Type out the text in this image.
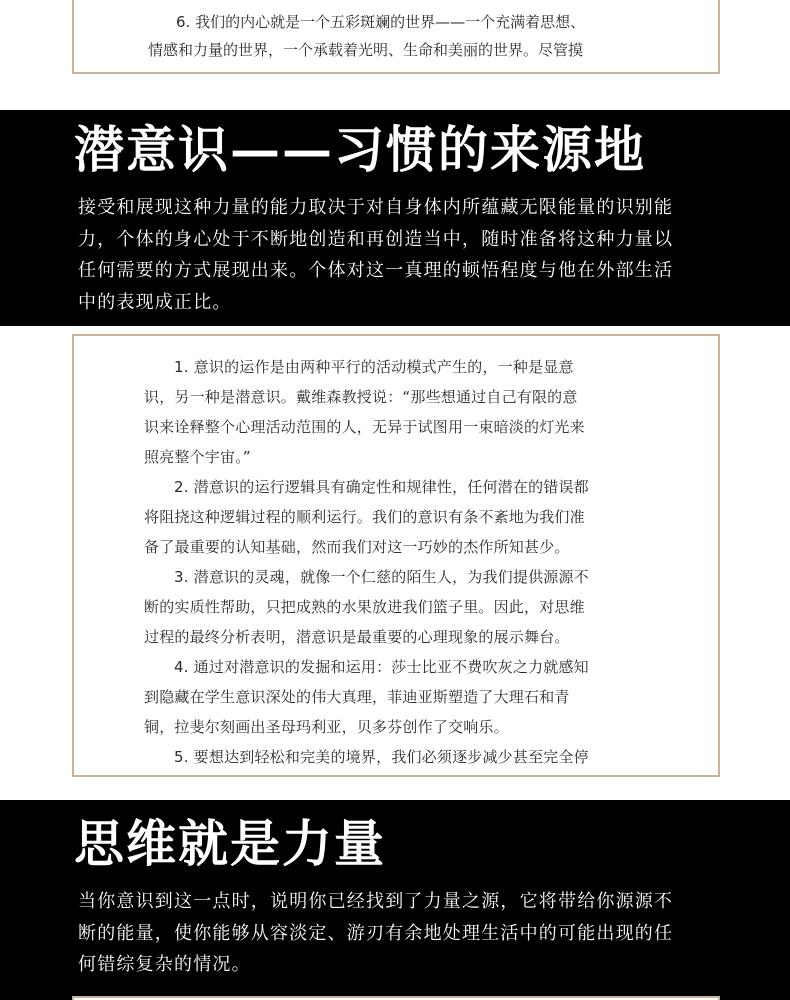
6. 我们的内心就是一个五彩斑斓的世界——一个充满着思想、
情感和力量的世界，一个承载着光明、生命和美丽的世界。尽管摸
潜意识——习惯的来源地
接受和展现这种力量的能力取决于对自身体内所蕴藏无限能量的识别能
力，个体的身心处于不断地创造和再创造当中，随时准备将这种力量以
任何需要的方式展现出来。个体对这一真理的顿悟程度与他在外部生活
中的表现成正比。
1. 意识的运作是由两种平行的活动模式产生的，一种是显意
识，另一种是潜意识。戴维森教授说：“那些想通过自己有限的意
识来诠释整个心理活动范围的人，无异于试图用一束暗淡的灯光来
照亮整个宇宙。”
2. 潜意识的运行逻辑具有确定性和规律性，任何潜在的错误都
将阻挠这种逻辑过程的顺利运行。我们的意识有条不紊地为我们准
备了最重要的认知基础，然而我们对这一巧妙的杰作所知甚少。
3. 潜意识的灵魂，就像一个仁慈的陌生人，为我们提供源源不
断的实质性帮助，只把成熟的水果放进我们篮子里。因此，对思维
过程的最终分析表明，潜意识是最重要的心理现象的展示舞台。
4. 通过对潜意识的发掘和运用：莎士比亚不费吹灰之力就感知
到隐藏在学生意识深处的伟大真理，菲迪亚斯塑造了大理石和青
铜，拉斐尔刻画出圣母玛利亚，贝多芬创作了交响乐。
5. 要想达到轻松和完美的境界，我们必须逐步减少甚至完全停
思维就是力量
当你意识到这一点时，说明你已经找到了力量之源，它将带给你源源不
断的能量，使你能够从容淡定、游刃有余地处理生活中的可能出现的任
何错综复杂的情况。
